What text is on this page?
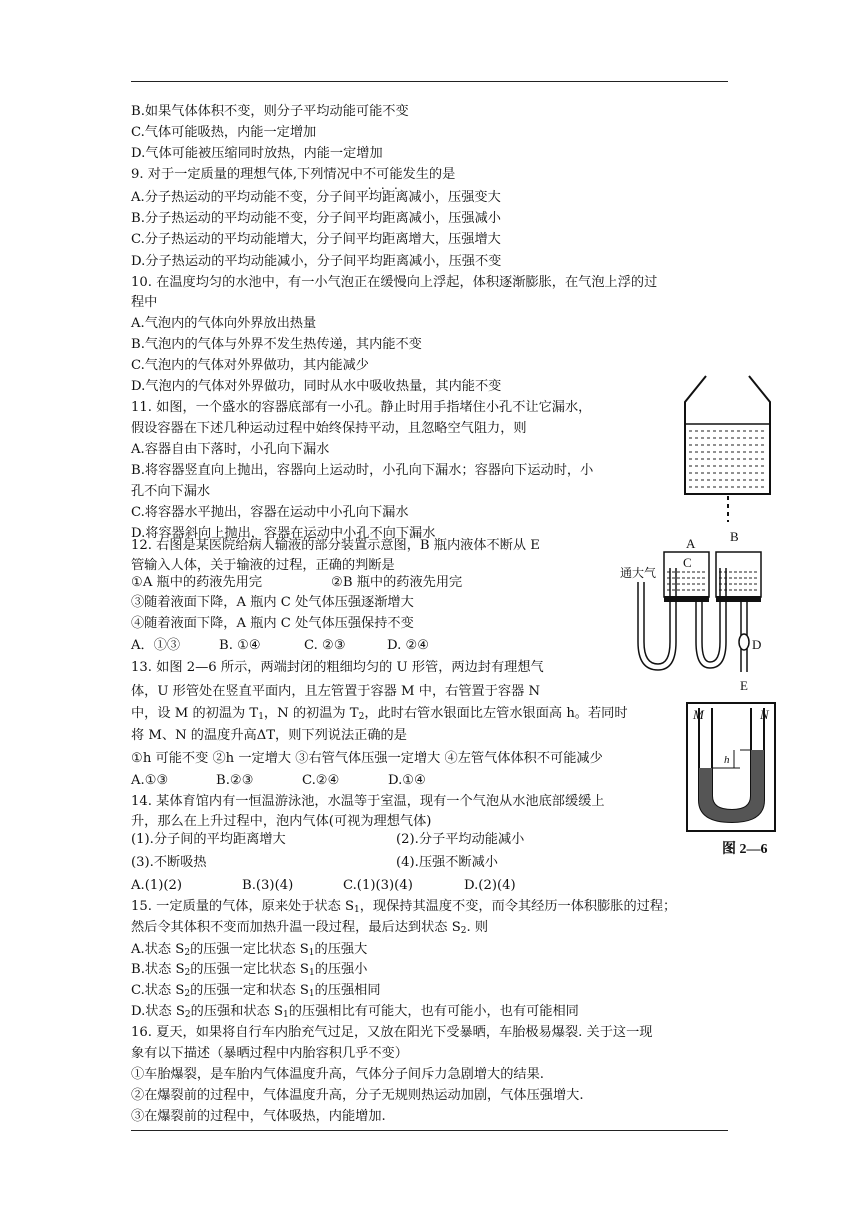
B.如果气体体积不变，则分子平均动能可能不变
C.气体可能吸热，内能一定增加
D.气体可能被压缩同时放热，内能一定增加
9. 对于一定质量的理想气体,下列情况中不可能发生的是
A.分子热运动的平均动能不变，分子间平均距离减小，压强变大
B.分子热运动的平均动能不变，分子间平均距离减小，压强减小
C.分子热运动的平均动能增大，分子间平均距离增大，压强增大
D.分子热运动的平均动能减小，分子间平均距离减小，压强不变
10. 在温度均匀的水池中，有一小气泡正在缓慢向上浮起，体积逐渐膨胀，在气泡上浮的过
程中
A.气泡内的气体向外界放出热量
B.气泡内的气体与外界不发生热传递，其内能不变
C.气泡内的气体对外界做功，其内能减少
D.气泡内的气体对外界做功，同时从水中吸收热量，其内能不变
11. 如图，一个盛水的容器底部有一小孔。静止时用手指堵住小孔不让它漏水，
假设容器在下述几种运动过程中始终保持平动，且忽略空气阻力，则
A.容器自由下落时，小孔向下漏水
B.将容器竖直向上抛出，容器向上运动时，小孔向下漏水；容器向下运动时，小
孔不向下漏水
C.将容器水平抛出，容器在运动中小孔向下漏水
D.将容器斜向上抛出，容器在运动中小孔不向下漏水
12. 右图是某医院给病人输液的部分装置示意图，B 瓶内液体不断从 E
管输入人体，关于输液的过程，正确的判断是
①A 瓶中的药液先用完	②B 瓶中的药液先用完
③随着液面下降，A 瓶内 C 处气体压强逐渐增大
④随着液面下降，A 瓶内 C 处气体压强保持不变
A．①③	B. ①④	C. ②③	D. ②④
A	B
C
通大气
D
E
13. 如图 2—6 所示，两端封闭的粗细均匀的 U 形管，两边封有理想气
体，U 形管处在竖直平面内，且左管置于容器 M 中，右管置于容器 N
中，设 M 的初温为 $T_1$，N 的初温为 $T_2$，此时右管水银面比左管水银面高 h。若同时
将 M、N 的温度升高ΔT，则下列说法正确的是
①h 可能不变 ②h 一定增大 ③右管气体压强一定增大 ④左管气体体积不可能减少
A.①③	B.②③	C.②④	D.①④
M	N
h
图 2—6
14. 某体育馆内有一恒温游泳池，水温等于室温，现有一个气泡从水池底部缓缓上
升，那么在上升过程中，泡内气体(可视为理想气体)
(1).分子间的平均距离增大	(2).分子平均动能减小
(3).不断吸热	(4).压强不断减小
A.(1)(2)	B.(3)(4)	C.(1)(3)(4)	D.(2)(4)
15. 一定质量的气体，原来处于状态 $S_1$，现保持其温度不变，而令其经历一体积膨胀的过程；
然后令其体积不变而加热升温一段过程，最后达到状态 $S_2$. 则
A.状态 $S_2$的压强一定比状态 $S_1$的压强大
B.状态 $S_2$的压强一定比状态 $S_1$的压强小
C.状态 $S_2$的压强一定和状态 $S_1$的压强相同
D.状态 $S_2$的压强和状态 $S_1$的压强相比有可能大，也有可能小，也有可能相同
16. 夏天，如果将自行车内胎充气过足，又放在阳光下受暴晒，车胎极易爆裂. 关于这一现
象有以下描述（暴晒过程中内胎容积几乎不变）
①车胎爆裂，是车胎内气体温度升高，气体分子间斥力急剧增大的结果.
②在爆裂前的过程中，气体温度升高，分子无规则热运动加剧，气体压强增大.
③在爆裂前的过程中，气体吸热，内能增加.
